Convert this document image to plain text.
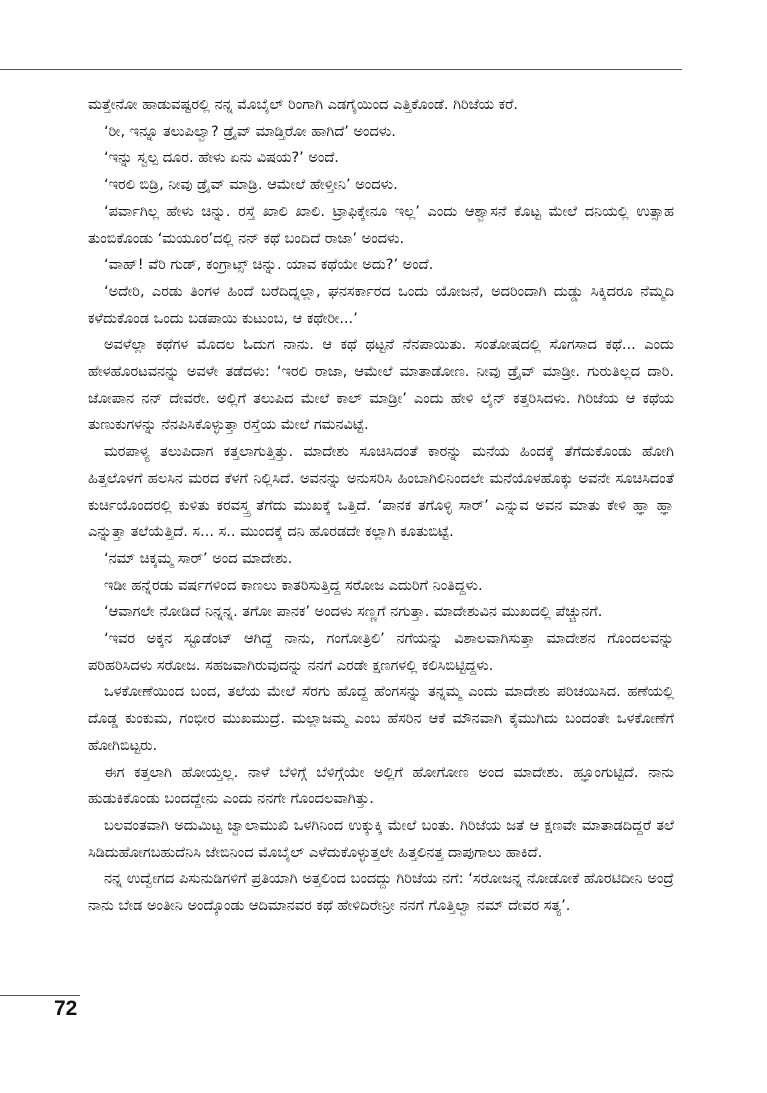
ಮತ್ತೇನೋ ಹಾಡುವಷ್ಟರಲ್ಲಿ ನನ್ನ ಮೊಬೈಲ್ ರಿಂಗಾಗಿ ಎಡಗೈಯಿಂದ ಎತ್ತಿಕೊಂಡೆ. ಗಿರಿಜೆಯ ಕರೆ.

‘ರೀ, ಇನ್ನೂ ತಲುಪಿಲ್ವಾ? ಡ್ರೈವ್ ಮಾಡ್ತಿರೋ ಹಾಗಿದೆ’ ಅಂದಳು.

‘ಇನ್ನು ಸ್ವಲ್ಪ ದೂರ. ಹೇಳು ಏನು ವಿಷಯ?’ ಅಂದೆ.

‘ಇರಲಿ ಬಿಡ್ರಿ, ನೀವು ಡ್ರೈವ್ ಮಾಡ್ರಿ. ಆಮೇಲೆ ಹೇಳ್ತೀನಿ’ ಅಂದಳು.

‘ಪರ್ವಾಗಿಲ್ಲ ಹೇಳು ಚಿನ್ನು. ರಸ್ತೆ ಖಾಲಿ ಖಾಲಿ. ಟ್ರಾಫಿಕ್ಕೇನೂ ಇಲ್ಲ’ ಎಂದು ಆಶ್ವಾಸನೆ ಕೊಟ್ಟ ಮೇಲೆ ದನಿಯಲ್ಲಿ ಉತ್ಸಾಹ ತುಂಬಿಕೊಂಡು ‘ಮಯೂರ’ದಲ್ಲಿ ನನ್ ಕಥೆ ಬಂದಿದೆ ರಾಜಾ’ ಅಂದಳು.

‘ವಾಹ್! ವೆರಿ ಗುಡ್, ಕಂಗ್ರಾಟ್ಸ್ ಚಿನ್ನು. ಯಾವ ಕಥೆಯೇ ಅದು?’ ಅಂದೆ.

‘ಅದೇರಿ, ಎರಡು ತಿಂಗಳ ಹಿಂದೆ ಬರೆದಿದ್ನಲ್ಲಾ, ಘನಸರ್ಕಾರದ ಒಂದು ಯೋಜನೆ, ಅದರಿಂದಾಗಿ ದುಡ್ಡು ಸಿಕ್ಕಿದರೂ ನೆಮ್ಮದಿ ಕಳೆದುಕೊಂಡ ಒಂದು ಬಡಪಾಯಿ ಕುಟುಂಬ, ಆ ಕಥೇರೀ...’

ಅವಳೆಲ್ಲಾ ಕಥೆಗಳ ಮೊದಲ ಓದುಗ ನಾನು. ಆ ಕಥೆ ಥಟ್ಟನೆ ನೆನಪಾಯಿತು. ಸಂತೋಷದಲ್ಲಿ ಸೊಗಸಾದ ಕಥೆ... ಎಂದು ಹೇಳಹೊರಟವನನ್ನು ಅವಳೇ ತಡೆದಳು: ‘ಇರಲಿ ರಾಜಾ, ಆಮೇಲೆ ಮಾತಾಡೋಣ. ನೀವು ಡ್ರೈವ್ ಮಾಡ್ರೀ. ಗುರುತಿಲ್ಲದ ದಾರಿ. ಜೋಪಾನ ನನ್ ದೇವರೇ. ಅಲ್ಲಿಗೆ ತಲುಪಿದ ಮೇಲೆ ಕಾಲ್ ಮಾಡ್ರೀ’ ಎಂದು ಹೇಳಿ ಲೈನ್ ಕತ್ತರಿಸಿದಳು. ಗಿರಿಜೆಯ ಆ ಕಥೆಯ ತುಣುಕುಗಳನ್ನು ನೆನಪಿಸಿಕೊಳ್ಳುತ್ತಾ ರಸ್ತೆಯ ಮೇಲೆ ಗಮನವಿಟ್ಟೆ.

ಮರಪಾಳ್ಯ ತಲುಪಿದಾಗ ಕತ್ತಲಾಗುತ್ತಿತ್ತು. ಮಾದೇಶು ಸೂಚಿಸಿದಂತೆ ಕಾರನ್ನು ಮನೆಯ ಹಿಂದಕ್ಕೆ ತೆಗೆದುಕೊಂಡು ಹೋಗಿ ಹಿತ್ತಲೊಳಗೆ ಹಲಸಿನ ಮರದ ಕೆಳಗೆ ನಿಲ್ಲಿಸಿದೆ. ಅವನನ್ನು ಅನುಸರಿಸಿ ಹಿಂಬಾಗಿಲಿನಿಂದಲೇ ಮನೆಯೊಳಹೊಕ್ಕು ಅವನೇ ಸೂಚಿಸಿದಂತೆ ಕುರ್ಚಿಯೊಂದರಲ್ಲಿ ಕುಳಿತು ಕರವಸ್ತ್ರ ತೆಗೆದು ಮುಖಕ್ಕೆ ಒತ್ತಿದೆ. ‘ಪಾನಕ ತಗೊಳ್ಳಿ ಸಾರ್’ ಎನ್ನುವ ಅವನ ಮಾತು ಕೇಳಿ ಹ್ಞಾ ಹ್ಞಾ ಎನ್ನುತ್ತಾ ತಲೆಯೆತ್ತಿದೆ. ಸ... ಸ.. ಮುಂದಕ್ಕೆ ದನಿ ಹೊರಡದೇ ಕಲ್ಲಾಗಿ ಕೂತುಬಿಟ್ಟೆ.

‘ನಮ್ ಚಿಕ್ಕಮ್ಮ ಸಾರ್’ ಅಂದ ಮಾದೇಶು.

ಇಡೀ ಹನ್ನೆರಡು ವರ್ಷಗಳಿಂದ ಕಾಣಲು ಕಾತರಿಸುತ್ತಿದ್ದ ಸರೋಜ ಎದುರಿಗೆ ನಿಂತಿದ್ದಳು.

‘ಆವಾಗಲೇ ನೋಡಿದೆ ನಿನ್ನನ್ನ. ತಗೋ ಪಾನಕ’ ಅಂದಳು ಸಣ್ಣಗೆ ನಗುತ್ತಾ. ಮಾದೇಶುವಿನ ಮುಖದಲ್ಲಿ ಪೆಚ್ಚುನಗೆ.

‘ಇವರ ಅಕ್ಕನ ಸ್ಟೂಡೆಂಟ್ ಆಗಿದ್ದೆ ನಾನು, ಗಂಗೋತ್ರಿಲಿ’ ನಗೆಯನ್ನು ವಿಶಾಲವಾಗಿಸುತ್ತಾ ಮಾದೇಶನ ಗೊಂದಲವನ್ನು ಪರಿಹರಿಸಿದಳು ಸರೋಜ. ಸಹಜವಾಗಿರುವುದನ್ನು ನನಗೆ ಎರಡೇ ಕ್ಷಣಗಳಲ್ಲಿ ಕಲಿಸಿಬಿಟ್ಟಿದ್ದಳು.

ಒಳಕೋಣೆಯಿಂದ ಬಂದ, ತಲೆಯ ಮೇಲೆ ಸೆರಗು ಹೊದ್ದ ಹೆಂಗಸನ್ನು ತನ್ನಮ್ಮ ಎಂದು ಮಾದೇಶು ಪರಿಚಯಿಸಿದ. ಹಣೆಯಲ್ಲಿ ದೊಡ್ಡ ಕುಂಕುಮ, ಗಂಭೀರ ಮುಖಮುದ್ರೆ. ಮಲ್ಲಾಜಮ್ಮ ಎಂಬ ಹೆಸರಿನ ಆಕೆ ಮೌನವಾಗಿ ಕೈಮುಗಿದು ಬಂದಂತೇ ಒಳಕೋಣೆಗೆ ಹೋಗಿಬಿಟ್ಟರು.

ಈಗ ಕತ್ತಲಾಗಿ ಹೋಯ್ತಲ್ಲ. ನಾಳೆ ಬೆಳಿಗ್ಗೆ ಬೆಳಿಗ್ಗೆಯೇ ಅಲ್ಲಿಗೆ ಹೋಗೋಣ ಅಂದ ಮಾದೇಶು. ಹ್ಞೂಂಗುಟ್ಟಿದೆ. ನಾನು ಹುಡುಕಿಕೊಂಡು ಬಂದದ್ದೇನು ಎಂದು ನನಗೇ ಗೊಂದಲವಾಗಿತ್ತು.

ಬಲವಂತವಾಗಿ ಅದುಮಿಟ್ಟ ಜ್ವಾಲಾಮುಖಿ ಒಳಗಿನಿಂದ ಉಕ್ಕುಕ್ಕಿ ಮೇಲೆ ಬಂತು. ಗಿರಿಜೆಯ ಜತೆ ಆ ಕ್ಷಣವೇ ಮಾತಾಡದಿದ್ದರೆ ತಲೆ ಸಿಡಿದುಹೋಗಬಹುದೆನಿಸಿ ಜೇಬಿನಿಂದ ಮೊಬೈಲ್ ಎಳೆದುಕೊಳ್ಳುತ್ತಲೇ ಹಿತ್ತಲಿನತ್ತ ದಾಪುಗಾಲು ಹಾಕಿದೆ.

ನನ್ನ ಉದ್ವೇಗದ ಪಿಸುನುಡಿಗಳಿಗೆ ಪ್ರತಿಯಾಗಿ ಅತ್ತಲಿಂದ ಬಂದದ್ದು ಗಿರಿಜೆಯ ನಗೆ: ‘ಸರೋಜನ್ನ ನೋಡೋಕೆ ಹೊರಟಿದೀನಿ ಅಂದ್ರೆ ನಾನು ಬೇಡ ಅಂತೀನಿ ಅಂದ್ಕೊಂಡು ಆದಿಮಾನವರ ಕಥೆ ಹೇಳಿದಿರೇನ್ರೀ ನನಗೆ ಗೊತ್ತಿಲ್ವಾ ನಮ್ ದೇವರ ಸತ್ಯ’.

72
